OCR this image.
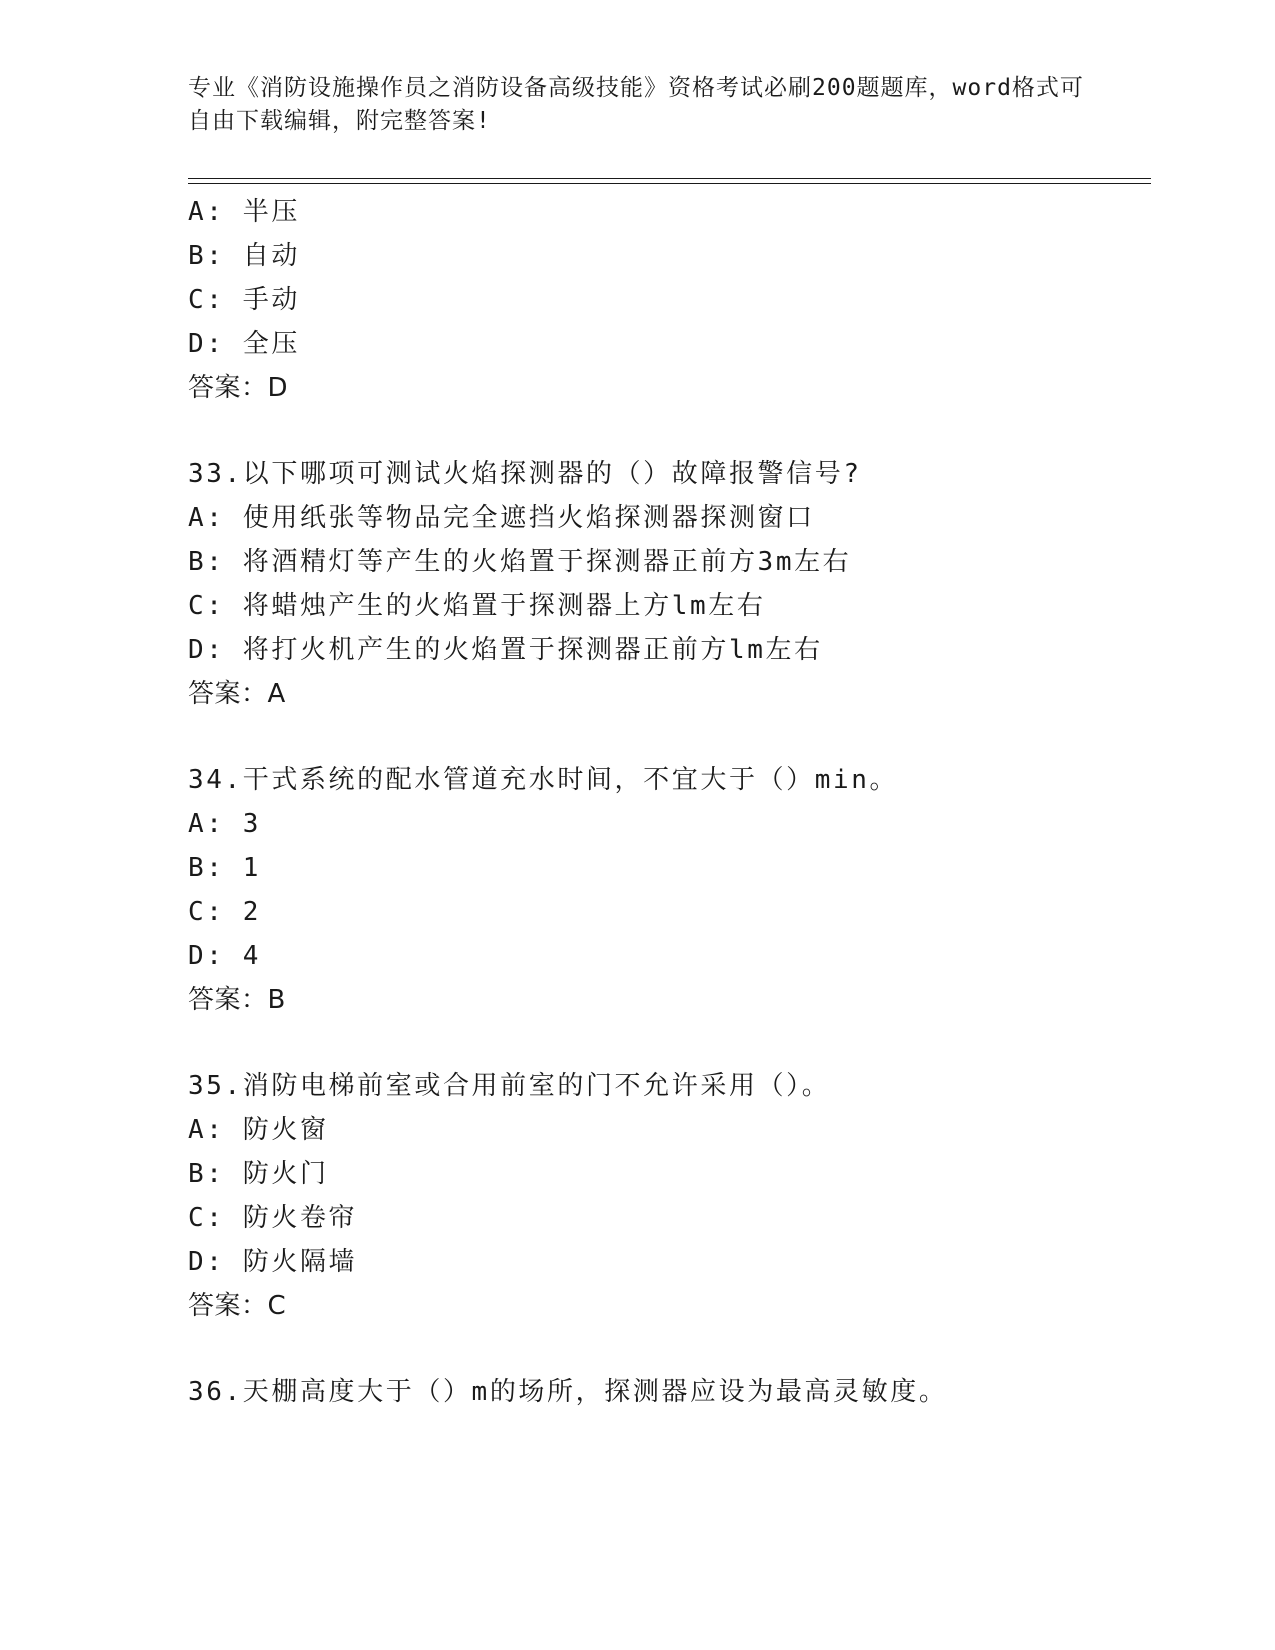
专业《消防设施操作员之消防设备高级技能》资格考试必刷200题题库，word格式可自由下载编辑，附完整答案!
A: 半压
B: 自动
C: 手动
D: 全压
答案：D
33.以下哪项可测试火焰探测器的（）故障报警信号?
A: 使用纸张等物品完全遮挡火焰探测器探测窗口
B: 将酒精灯等产生的火焰置于探测器正前方3m左右
C: 将蜡烛产生的火焰置于探测器上方lm左右
D: 将打火机产生的火焰置于探测器正前方lm左右
答案：A
34.干式系统的配水管道充水时间，不宜大于（）min。
A: 3
B: 1
C: 2
D: 4
答案：B
35.消防电梯前室或合用前室的门不允许采用（）。
A: 防火窗
B: 防火门
C: 防火卷帘
D: 防火隔墙
答案：C
36.天棚高度大于（）m的场所，探测器应设为最高灵敏度。
